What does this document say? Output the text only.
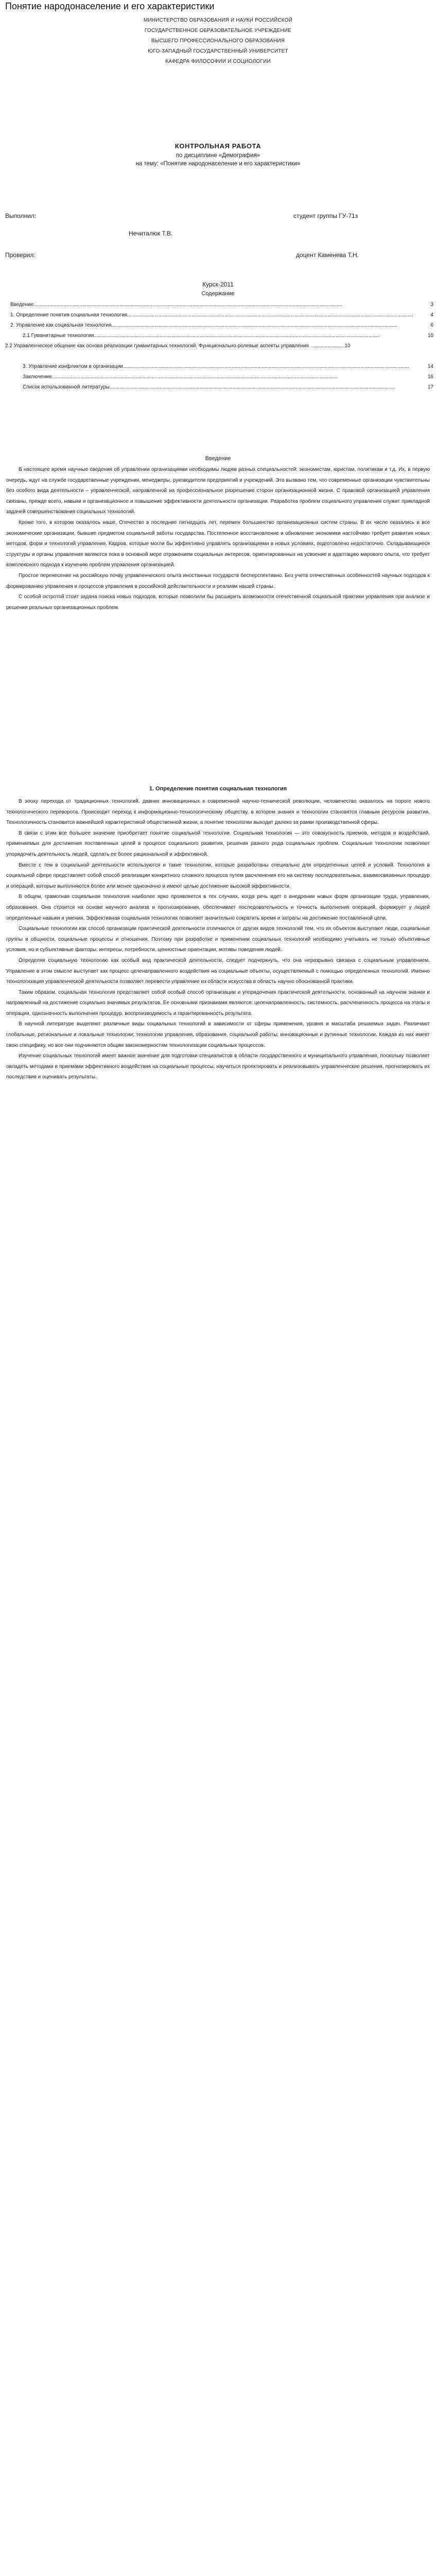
Понятие народонаселение и его характеристики
МИНИСТЕРСТВО ОБРАЗОВАНИЯ И НАУКИ РОССИЙСКОЙ
ГОСУДАРСТВЕННОЕ ОБРАЗОВАТЕЛЬНОЕ УЧРЕЖДЕНИЕ
ВЫСШЕГО ПРОФЕССИОНАЛЬНОГО ОБРАЗОВАНИЯ
ЮГО-ЗАПАДНЫЙ ГОСУДАРСТВЕННЫЙ УНИВЕРСИТЕТ
КАФЕДРА ФИЛОСОФИИ И СОЦИОЛОГИИ
КОНТРОЛЬНАЯ РАБОТА
по дисциплине «Демография»
на тему: «Понятие народонаселение и его характеристики»
Выполнил:	студент группы ГУ-71з
Нечиталюк Т.В.
Проверил:	доцент Каменева Т.Н.
Курск-2011
Содержание
Введение........................................................................................................................................................................................................................	3
1. Определение понятия социальная технология........................................................................................................................................................................................................	4
2. Управление как социальная технология........................................................................................................................................................................................................	6
2.1 Гуманитарные технологии........................................................................................................................................................................................................	10
2.2 Управленческое общение как основа реализации гуманитарных технологий. Функционально-ролевые аспекты управления ........................10
3. Управление конфликтом в организации........................................................................................................................................................................................................	14
Заключение........................................................................................................................................................................................................	16
Список использованной литературы........................................................................................................................................................................................................	17
Введение

В настоящее время научные сведения об управлении организациями необходимы людям разных специальностей: экономистам, юристам, политикам и т.д. Их, в первую очередь, ждут на службе государственные учреждения, менеджеры, руководители предприятий и учреждений. Это вызвано тем, что современные организации чувствительны без особого вида деятельности – управленческой, направленной на профессиональное разрешение сторон организационной жизни. С правовой организацией управления связаны, прежде всего, навыки и организационное и повышение эффективности деятельности организации. Разработка проблем социального управления служит прикладной задачей совершенствования социальных технологий.

Кроме того, в котором оказалось наше. Отечество в последние пятнадцать лет, перемен большинство организационных систем страны. В их числе оказались и все экономические организации, бывшие предметом социальной заботы государства. Постепенное восстановление и обновление экономики настойчиво требует развития новых методов, форм и технологий управления. Кадров, которые могли бы эффективно управлять организациями в новых условиях, подготовлено недостаточно. Складывающиеся структуры и органы управления являются пока в основной мере отражением социальных интересов, ориентированных на усвоение и адаптацию мирового опыта, что требует комплексного подхода к изучению проблем управления организацией.

Простое перенесение на российскую почву управленческого опыта иностанных государств бесперспективно. Без учета отечественных особенностей научных подходов к формированию управления и процессов управления в российской действительности и реалиям нашей страны.

С особой остротой стоит задача поиска новых подходов, которые позволили бы расширить возможности отечественной социальной практики управления при анализе и решении реальных организационных проблем.

1. Определение понятия социальная технология

В эпоху перехода от традиционных технологий, давних инновационных к современной научно-технической революции, человечество оказалось на пороге нового технологического переворота. Происходит переход к информационно-технологическому обществу, в котором знания и технологии становятся главным ресурсом развития. Технологичность становится важнейшей характеристикой общественной жизни, а понятие технологии выходит далеко за рамки производственной сферы.

В связи с этим все большее значение приобретает понятие социальной технологии. Социальная технология — это совокупность приемов, методов и воздействий, применяемых для достижения поставленных целей в процессе социального развития, решения разного рода социальных проблем. Социальные технологии позволяют упорядочить деятельность людей, сделать ее более рациональной и эффективной.

Вместе с тем в социальной деятельности используются и такие технологии, которые разработаны специально для определенных целей и условий. Технология в социальной сфере представляет собой способ реализации конкретного сложного процесса путем расчленения его на систему последовательных, взаимосвязанных процедур и операций, которые выполняются более или менее однозначно и имеют целью достижение высокой эффективности.

В общем, грамотная социальная технология наиболее ярко проявляется в тех случаях, когда речь идет о внедрении новых форм организации труда, управления, образования. Она строится на основе научного анализа и прогнозирования, обеспечивает последовательность и точность выполнения операций, формирует у людей определенные навыки и умения. Эффективная социальная технология позволяет значительно сократить время и затраты на достижение поставленной цели.

Социальные технологии как способ организации практической деятельности отличаются от других видов технологий тем, что их объектом выступают люди, социальные группы и общности, социальные процессы и отношения. Поэтому при разработке и применении социальных технологий необходимо учитывать не только объективные условия, но и субъективные факторы: интересы, потребности, ценностные ориентации, мотивы поведения людей.

Определяя социальную технологию как особый вид практической деятельности, следует подчеркнуть, что она неразрывно связана с социальным управлением. Управление в этом смысле выступает как процесс целенаправленного воздействия на социальные объекты, осуществляемый с помощью определенных технологий. Именно технологизация управленческой деятельности позволяет перевести управление из области искусства в область научно обоснованной практики.

Таким образом, социальная технология представляет собой особый способ организации и упорядочения практической деятельности, основанный на научном знании и направленный на достижение социально значимых результатов. Ее основными признаками являются: целенаправленность, системность, расчлененность процесса на этапы и операции, однозначность выполнения процедур, воспроизводимость и гарантированность результата.

В научной литературе выделяют различные виды социальных технологий в зависимости от сферы применения, уровня и масштаба решаемых задач. Различают глобальные, региональные и локальные технологии; технологии управления, образования, социальной работы; инновационные и рутинные технологии. Каждая из них имеет свою специфику, но все они подчиняются общим закономерностям технологизации социальных процессов.

Изучение социальных технологий имеет важное значение для подготовки специалистов в области государственного и муниципального управления, поскольку позволяет овладеть методами и приемами эффективного воздействия на социальные процессы, научиться проектировать и реализовывать управленческие решения, прогнозировать их последствия и оценивать результаты.
